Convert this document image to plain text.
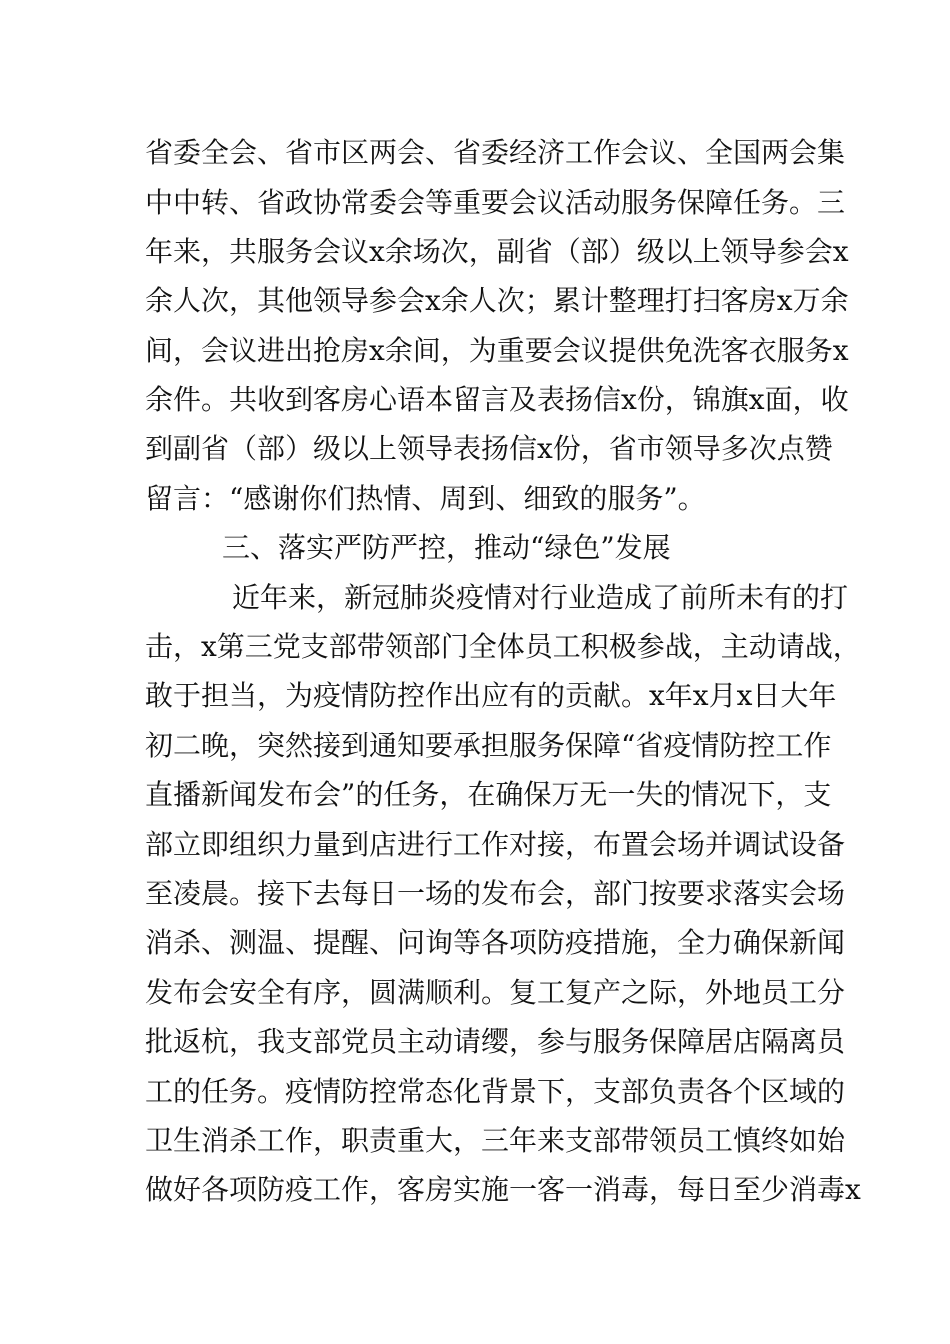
省委全会、省市区两会、省委经济工作会议、全国两会集
中中转、省政协常委会等重要会议活动服务保障任务。三
年来，共服务会议x余场次，副省（部）级以上领导参会x
余人次，其他领导参会x余人次；累计整理打扫客房x万余
间，会议进出抢房x余间，为重要会议提供免洗客衣服务x
余件。共收到客房心语本留言及表扬信x份，锦旗x面，收
到副省（部）级以上领导表扬信x份，省市领导多次点赞
留言：“感谢你们热情、周到、细致的服务”。
三、落实严防严控，推动“绿色”发展
近年来，新冠肺炎疫情对行业造成了前所未有的打
击，x第三党支部带领部门全体员工积极参战，主动请战，
敢于担当，为疫情防控作出应有的贡献。x年x月x日大年
初二晚，突然接到通知要承担服务保障“省疫情防控工作
直播新闻发布会”的任务，在确保万无一失的情况下，支
部立即组织力量到店进行工作对接，布置会场并调试设备
至凌晨。接下去每日一场的发布会，部门按要求落实会场
消杀、测温、提醒、问询等各项防疫措施，全力确保新闻
发布会安全有序，圆满顺利。复工复产之际，外地员工分
批返杭，我支部党员主动请缨，参与服务保障居店隔离员
工的任务。疫情防控常态化背景下，支部负责各个区域的
卫生消杀工作，职责重大，三年来支部带领员工慎终如始
做好各项防疫工作，客房实施一客一消毒，每日至少消毒x
